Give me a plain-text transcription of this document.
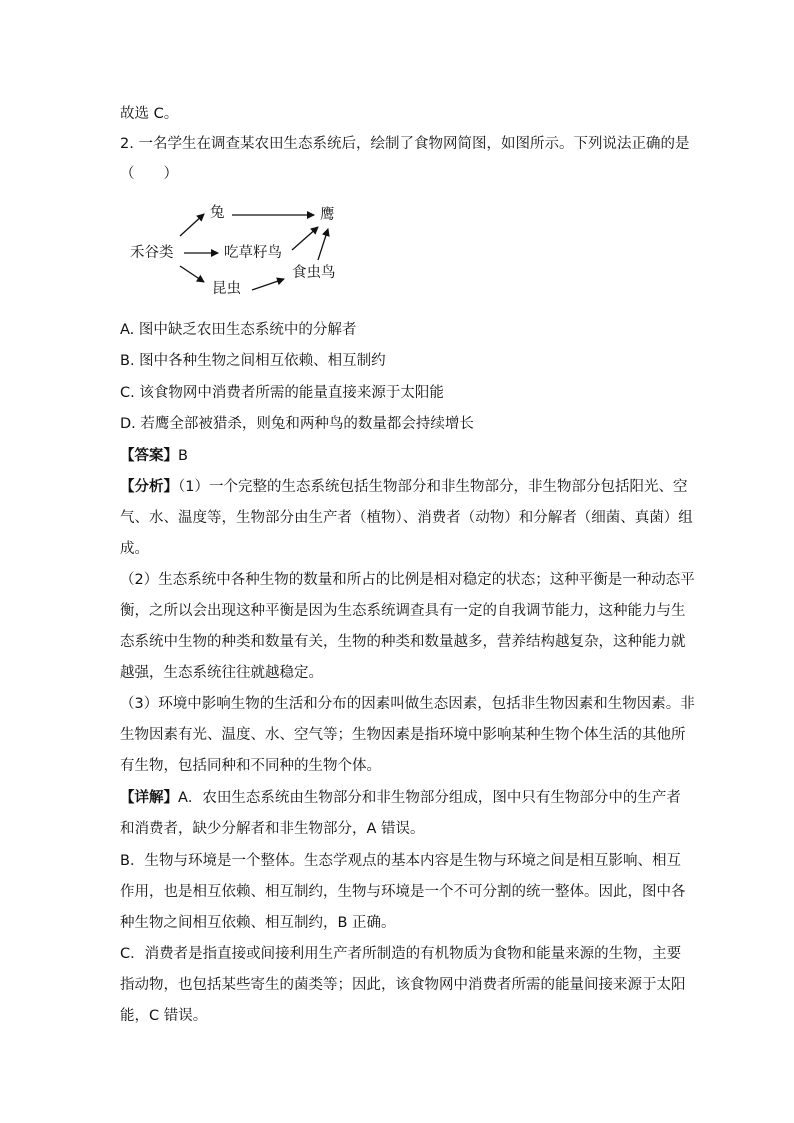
故选 C。
2. 一名学生在调查某农田生态系统后，绘制了食物网简图，如图所示。下列说法正确的是
（　　）
禾谷类
兔
吃草籽鸟
昆虫
食虫鸟
鹰
A. 图中缺乏农田生态系统中的分解者
B. 图中各种生物之间相互依赖、相互制约
C. 该食物网中消费者所需的能量直接来源于太阳能
D. 若鹰全部被猎杀，则兔和两种鸟的数量都会持续增长
【答案】B
【分析】（1）一个完整的生态系统包括生物部分和非生物部分，非生物部分包括阳光、空
气、水、温度等，生物部分由生产者（植物）、消费者（动物）和分解者（细菌、真菌）组
成。
（2）生态系统中各种生物的数量和所占的比例是相对稳定的状态；这种平衡是一种动态平
衡，之所以会出现这种平衡是因为生态系统调查具有一定的自我调节能力，这种能力与生
态系统中生物的种类和数量有关，生物的种类和数量越多，营养结构越复杂，这种能力就
越强，生态系统往往就越稳定。
（3）环境中影响生物的生活和分布的因素叫做生态因素，包括非生物因素和生物因素。非
生物因素有光、温度、水、空气等；生物因素是指环境中影响某种生物个体生活的其他所
有生物，包括同种和不同种的生物个体。
【详解】A．农田生态系统由生物部分和非生物部分组成，图中只有生物部分中的生产者
和消费者，缺少分解者和非生物部分，A 错误。
B．生物与环境是一个整体。生态学观点的基本内容是生物与环境之间是相互影响、相互
作用，也是相互依赖、相互制约，生物与环境是一个不可分割的统一整体。因此，图中各
种生物之间相互依赖、相互制约，B 正确。
C．消费者是指直接或间接利用生产者所制造的有机物质为食物和能量来源的生物，主要
指动物，也包括某些寄生的菌类等；因此，该食物网中消费者所需的能量间接来源于太阳
能，C 错误。
